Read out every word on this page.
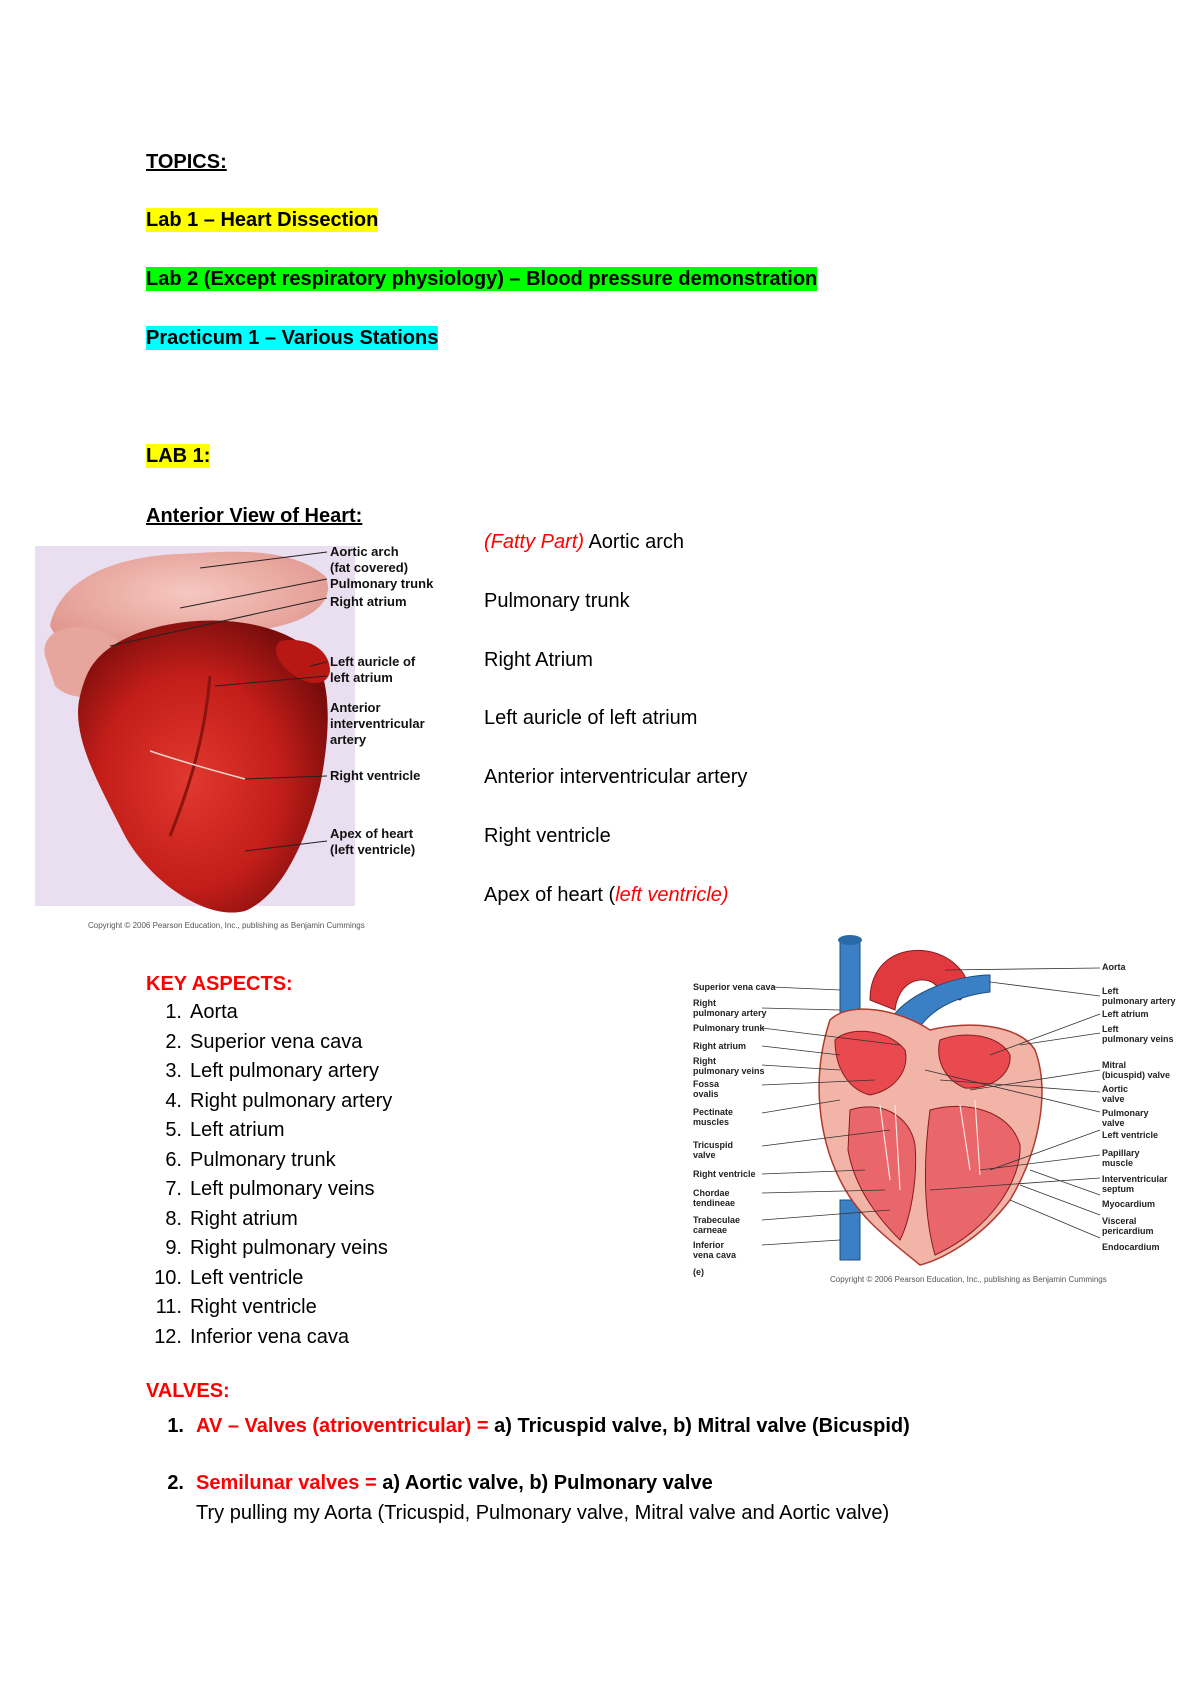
TOPICS:
Lab 1 – Heart Dissection
Lab 2 (Except respiratory physiology) – Blood pressure demonstration
Practicum 1 – Various Stations
LAB 1:
Anterior View of Heart:
Aortic arch
(fat covered)
Pulmonary trunk
Right atrium
Left auricle of
left atrium
Anterior
interventricular
artery
Right ventricle
Apex of heart
(left ventricle)
Copyright © 2006 Pearson Education, Inc., publishing as Benjamin Cummings
(Fatty Part) Aortic arch
Pulmonary trunk
Right Atrium
Left auricle of left atrium
Anterior interventricular artery
Right ventricle
Apex of heart (left ventricle)
KEY ASPECTS:
1. Aorta
2. Superior vena cava
3. Left pulmonary artery
4. Right pulmonary artery
5. Left atrium
6. Pulmonary trunk
7. Left pulmonary veins
8. Right atrium
9. Right pulmonary veins
10. Left ventricle
11. Right ventricle
12. Inferior vena cava
Superior vena cava
Right
pulmonary artery
Pulmonary trunk
Right atrium
Right
pulmonary veins
Fossa
ovalis
Pectinate
muscles
Tricuspid
valve
Right ventricle
Chordae
tendineae
Trabeculae
carneae
Inferior
vena cava
(e)
Aorta
Left
pulmonary artery
Left atrium
Left
pulmonary veins
Mitral
(bicuspid) valve
Aortic
valve
Pulmonary
valve
Left ventricle
Papillary
muscle
Interventricular
septum
Myocardium
Visceral
pericardium
Endocardium
Copyright © 2006 Pearson Education, Inc., publishing as Benjamin Cummings
VALVES:
1. AV – Valves (atrioventricular) = a) Tricuspid valve, b) Mitral valve (Bicuspid)
2. Semilunar valves = a) Aortic valve, b) Pulmonary valve
Try pulling my Aorta (Tricuspid, Pulmonary valve, Mitral valve and Aortic valve)
